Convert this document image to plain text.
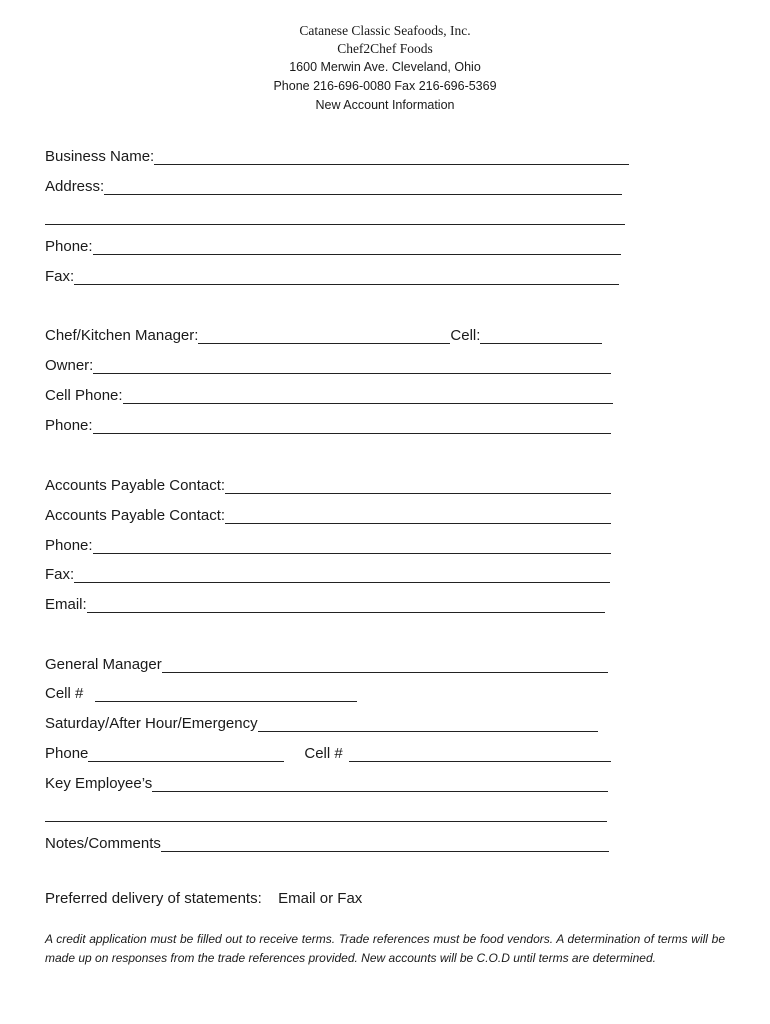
Catanese Classic Seafoods, Inc.
Chef2Chef Foods
1600 Merwin Ave. Cleveland, Ohio
Phone 216-696-0080 Fax 216-696-5369
New Account Information
Business Name:
Address:
Phone:
Fax:
Chef/Kitchen Manager:	Cell:
Owner:
Cell Phone:
Phone:
Accounts Payable Contact:
Accounts Payable Contact:
Phone:
Fax:
Email:
General Manager
Cell #
Saturday/After Hour/Emergency
Phone	Cell #
Key Employee’s
Notes/Comments
Preferred delivery of statements: Email or Fax
A credit application must be filled out to receive terms. Trade references must be food vendors. A determination of terms will be made up on responses from the trade references provided. New accounts will be C.O.D until terms are determined.
